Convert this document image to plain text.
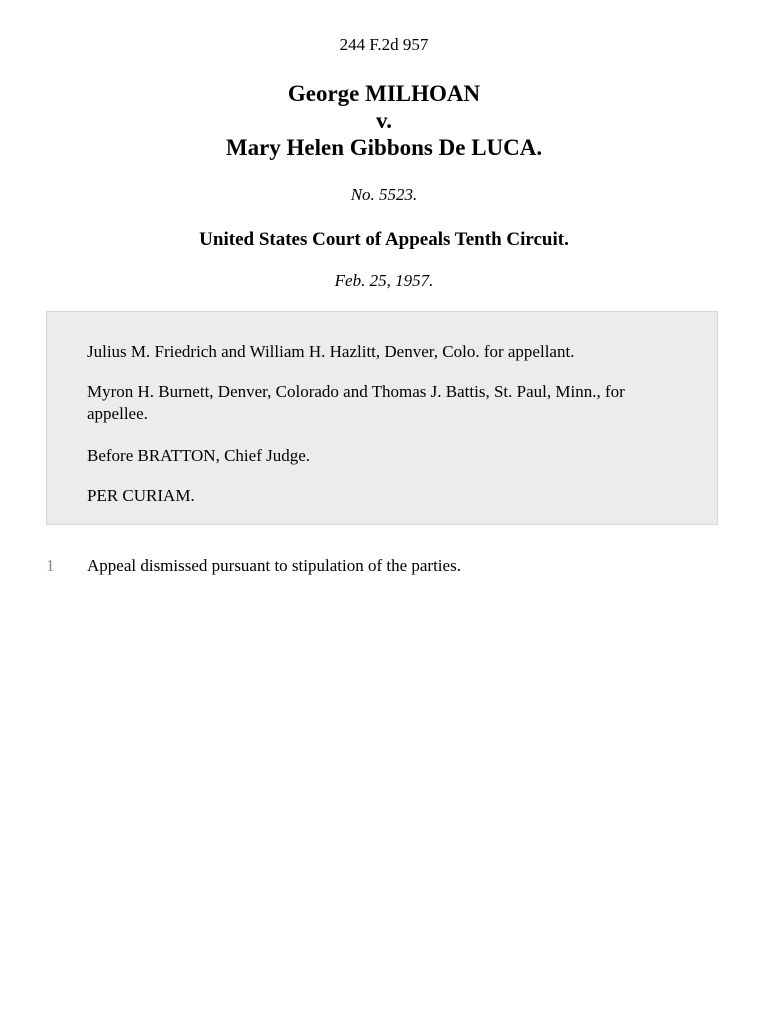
244 F.2d 957
George MILHOAN
v.
Mary Helen Gibbons De LUCA.
No. 5523.
United States Court of Appeals Tenth Circuit.
Feb. 25, 1957.

Julius M. Friedrich and William H. Hazlitt, Denver, Colo. for appellant.

Myron H. Burnett, Denver, Colorado and Thomas J. Battis, St. Paul, Minn., for appellee.

Before BRATTON, Chief Judge.

PER CURIAM.

1 Appeal dismissed pursuant to stipulation of the parties.
